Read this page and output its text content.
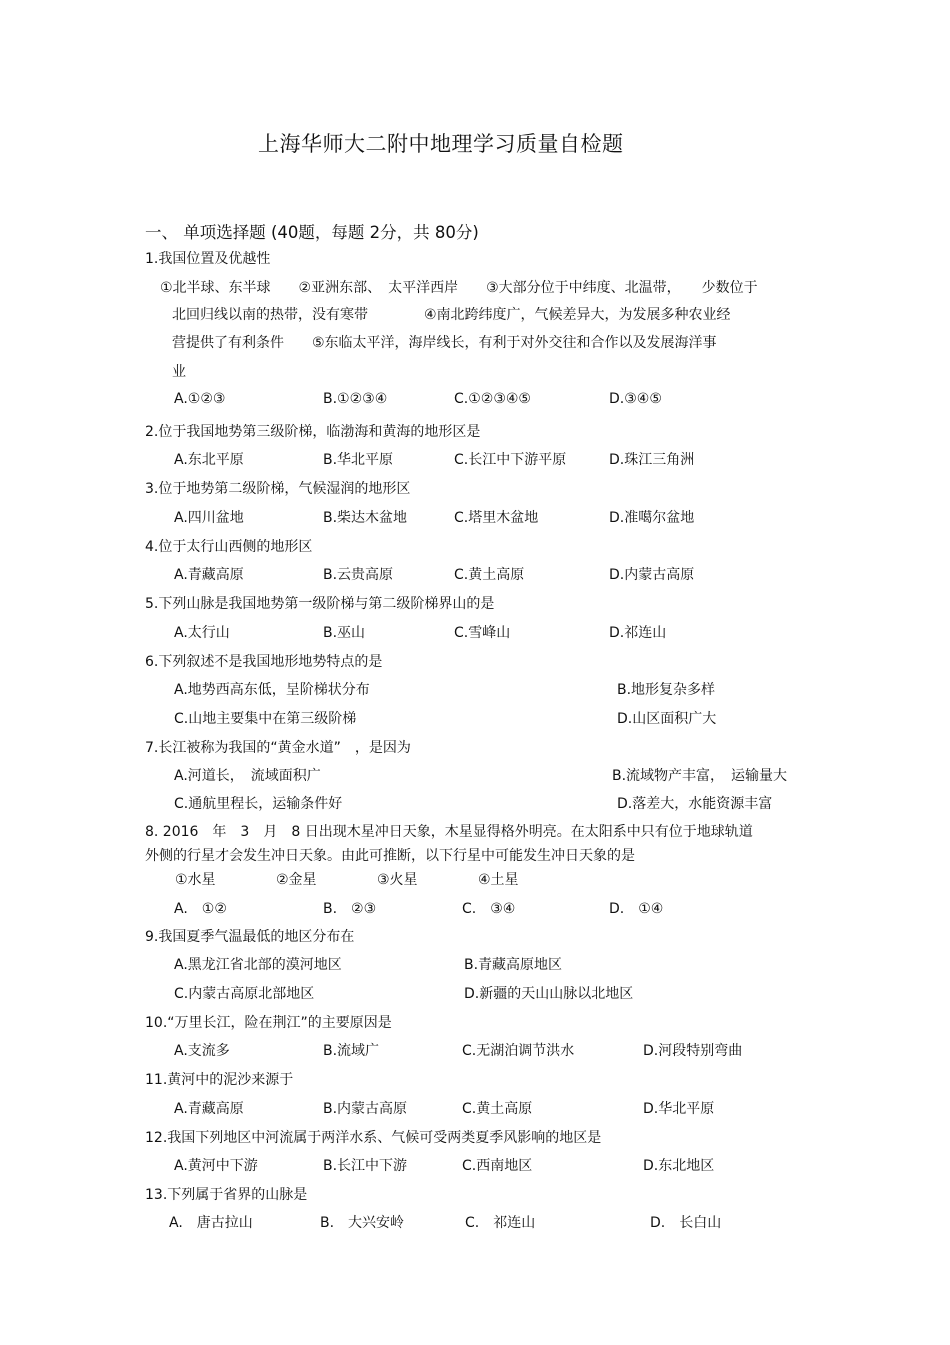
上海华师大二附中地理学习质量自检题
一、 单项选择题 (40题，每题 2分，共 80分)
1.我国位置及优越性
①北半球、东半球　　②亚洲东部、　太平洋西岸　　③大部分位于中纬度、北温带，　　少数位于
北回归线以南的热带，没有寒带　　　　④南北跨纬度广，气候差异大，为发展多种农业经
营提供了有利条件　　⑤东临太平洋，海岸线长，有利于对外交往和合作以及发展海洋事
业
A.①②③	B.①②③④	C.①②③④⑤	D.③④⑤
2.位于我国地势第三级阶梯，临渤海和黄海的地形区是
A.东北平原	B.华北平原	C.长江中下游平原	D.珠江三角洲
3.位于地势第二级阶梯，气候湿润的地形区
A.四川盆地	B.柴达木盆地	C.塔里木盆地	D.准噶尔盆地
4.位于太行山西侧的地形区
A.青藏高原	B.云贵高原	C.黄土高原	D.内蒙古高原
5.下列山脉是我国地势第一级阶梯与第二级阶梯界山的是
A.太行山	B.巫山	C.雪峰山	D.祁连山
6.下列叙述不是我国地形地势特点的是
A.地势西高东低，呈阶梯状分布	B.地形复杂多样
C.山地主要集中在第三级阶梯	D.山区面积广大
7.长江被称为我国的“黄金水道”　，是因为
A.河道长，　流域面积广	B.流域物产丰富，　运输量大
C.通航里程长，运输条件好	D.落差大，水能资源丰富
8. 2016　年　3　月　8 日出现木星冲日天象，木星显得格外明亮。在太阳系中只有位于地球轨道
外侧的行星才会发生冲日天象。由此可推断，以下行星中可能发生冲日天象的是
①水星	②金星	③火星	④土星
A.　①②	B.　②③	C.　③④	D.　①④
9.我国夏季气温最低的地区分布在
A.黑龙江省北部的漠河地区	B.青藏高原地区
C.内蒙古高原北部地区	D.新疆的天山山脉以北地区
10.“万里长江，险在荆江”的主要原因是
A.支流多	B.流域广	C.无湖泊调节洪水	D.河段特别弯曲
11.黄河中的泥沙来源于
A.青藏高原	B.内蒙古高原	C.黄土高原	D.华北平原
12.我国下列地区中河流属于两洋水系、气候可受两类夏季风影响的地区是
A.黄河中下游	B.长江中下游	C.西南地区	D.东北地区
13.下列属于省界的山脉是
A.　唐古拉山	B.　大兴安岭	C.　祁连山	D.　长白山
